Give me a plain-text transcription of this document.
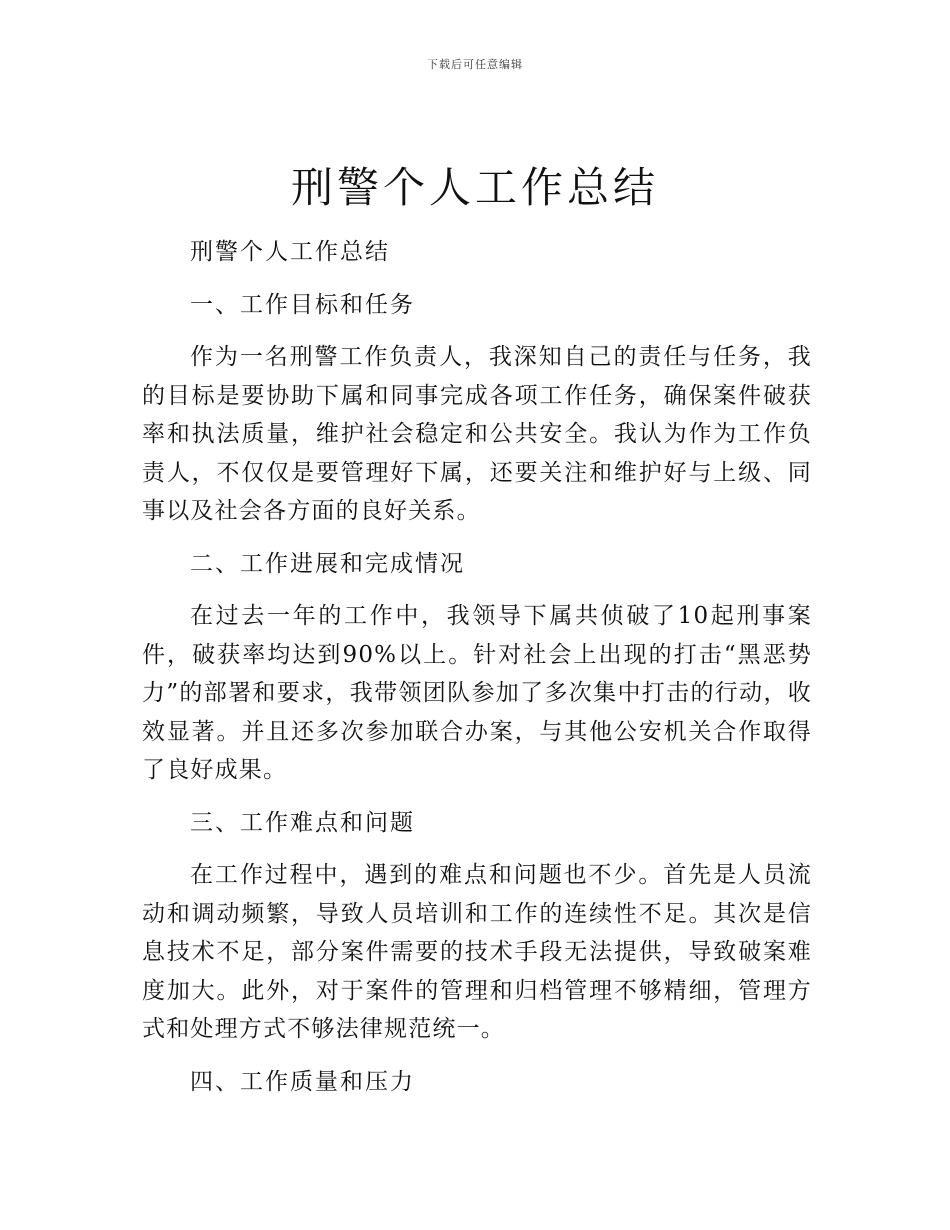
下载后可任意编辑
刑警个人工作总结

刑警个人工作总结

一、工作目标和任务

作为一名刑警工作负责人，我深知自己的责任与任务，我的目标是要协助下属和同事完成各项工作任务，确保案件破获率和执法质量，维护社会稳定和公共安全。我认为作为工作负责人，不仅仅是要管理好下属，还要关注和维护好与上级、同事以及社会各方面的良好关系。

二、工作进展和完成情况

在过去一年的工作中，我领导下属共侦破了10起刑事案件，破获率均达到90%以上。针对社会上出现的打击“黑恶势力”的部署和要求，我带领团队参加了多次集中打击的行动，收效显著。并且还多次参加联合办案，与其他公安机关合作取得了良好成果。

三、工作难点和问题

在工作过程中，遇到的难点和问题也不少。首先是人员流动和调动频繁，导致人员培训和工作的连续性不足。其次是信息技术不足，部分案件需要的技术手段无法提供，导致破案难度加大。此外，对于案件的管理和归档管理不够精细，管理方式和处理方式不够法律规范统一。

四、工作质量和压力
